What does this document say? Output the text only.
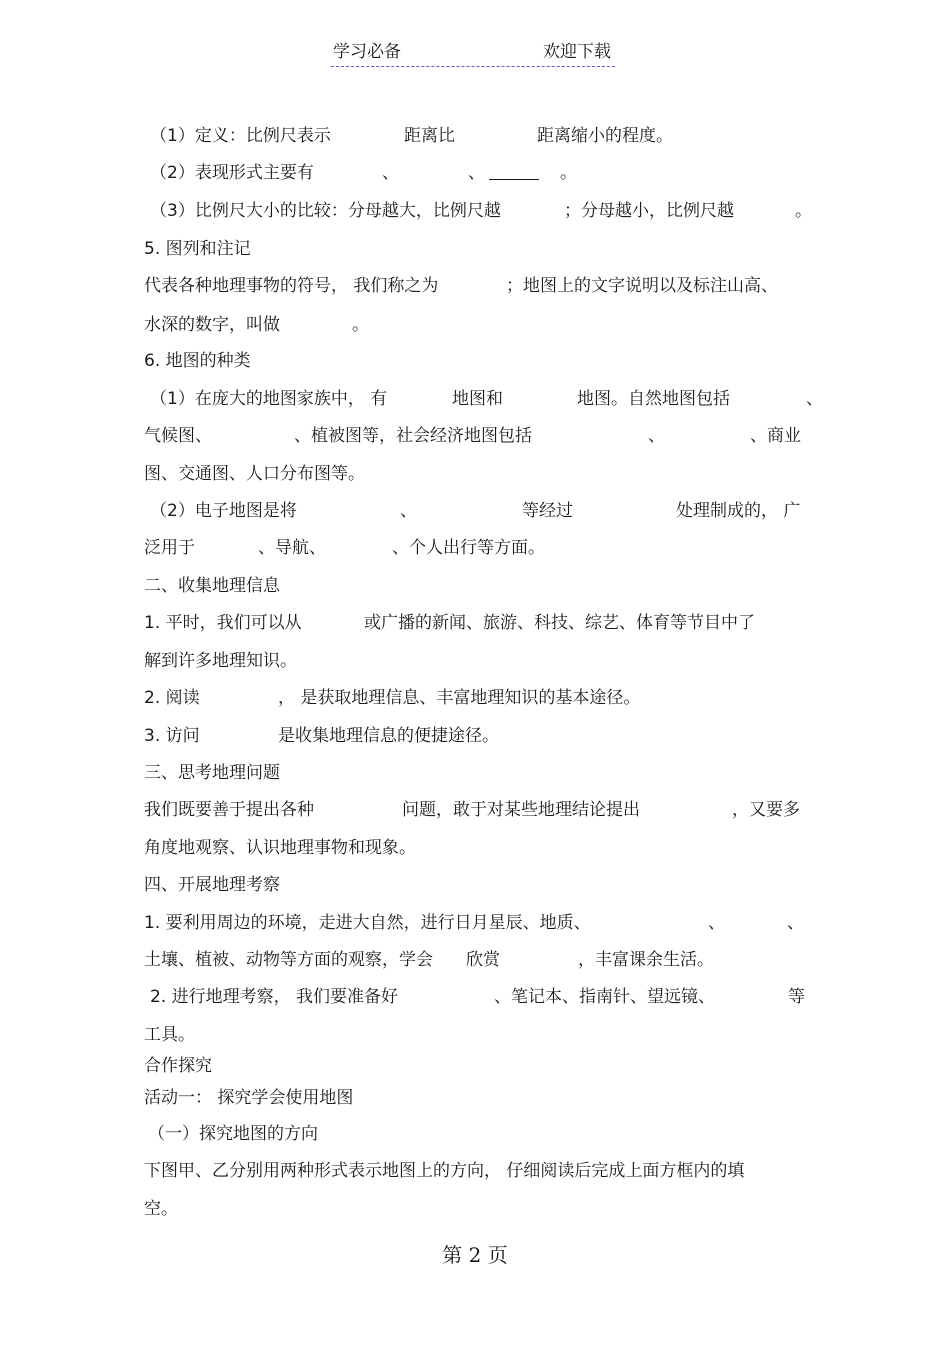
学习必备	欢迎下载
（1）定义：比例尺表示	距离比	距离缩小的程度。
（2）表现形式主要有	、	、	。
（3）比例尺大小的比较：分母越大，比例尺越	；分母越小，比例尺越	。
5. 图列和注记
代表各种地理事物的符号， 我们称之为	；地图上的文字说明以及标注山高、
水深的数字，叫做	。
6. 地图的种类
（1）在庞大的地图家族中， 有	地图和	地图。自然地图包括	、
气候图、	、植被图等，社会经济地图包括	、	、商业
图、交通图、人口分布图等。
（2）电子地图是将	、	等经过	处理制成的， 广
泛用于	、导航、	、个人出行等方面。
二、收集地理信息
1. 平时，我们可以从	或广播的新闻、旅游、科技、综艺、体育等节目中了
解到许多地理知识。
2. 阅读	， 是获取地理信息、丰富地理知识的基本途径。
3. 访问	是收集地理信息的便捷途径。
三、思考地理问题
我们既要善于提出各种	问题，敢于对某些地理结论提出	，又要多
角度地观察、认识地理事物和现象。
四、开展地理考察
1. 要利用周边的环境，走进大自然，进行日月星辰、地质、	、	、
土壤、植被、动物等方面的观察，学会 欣赏	，丰富课余生活。
2. 进行地理考察， 我们要准备好	、笔记本、指南针、望远镜、	等
工具。
合作探究
活动一： 探究学会使用地图
（一）探究地图的方向
下图甲、乙分别用两种形式表示地图上的方向， 仔细阅读后完成上面方框内的填
空。
第 2 页
